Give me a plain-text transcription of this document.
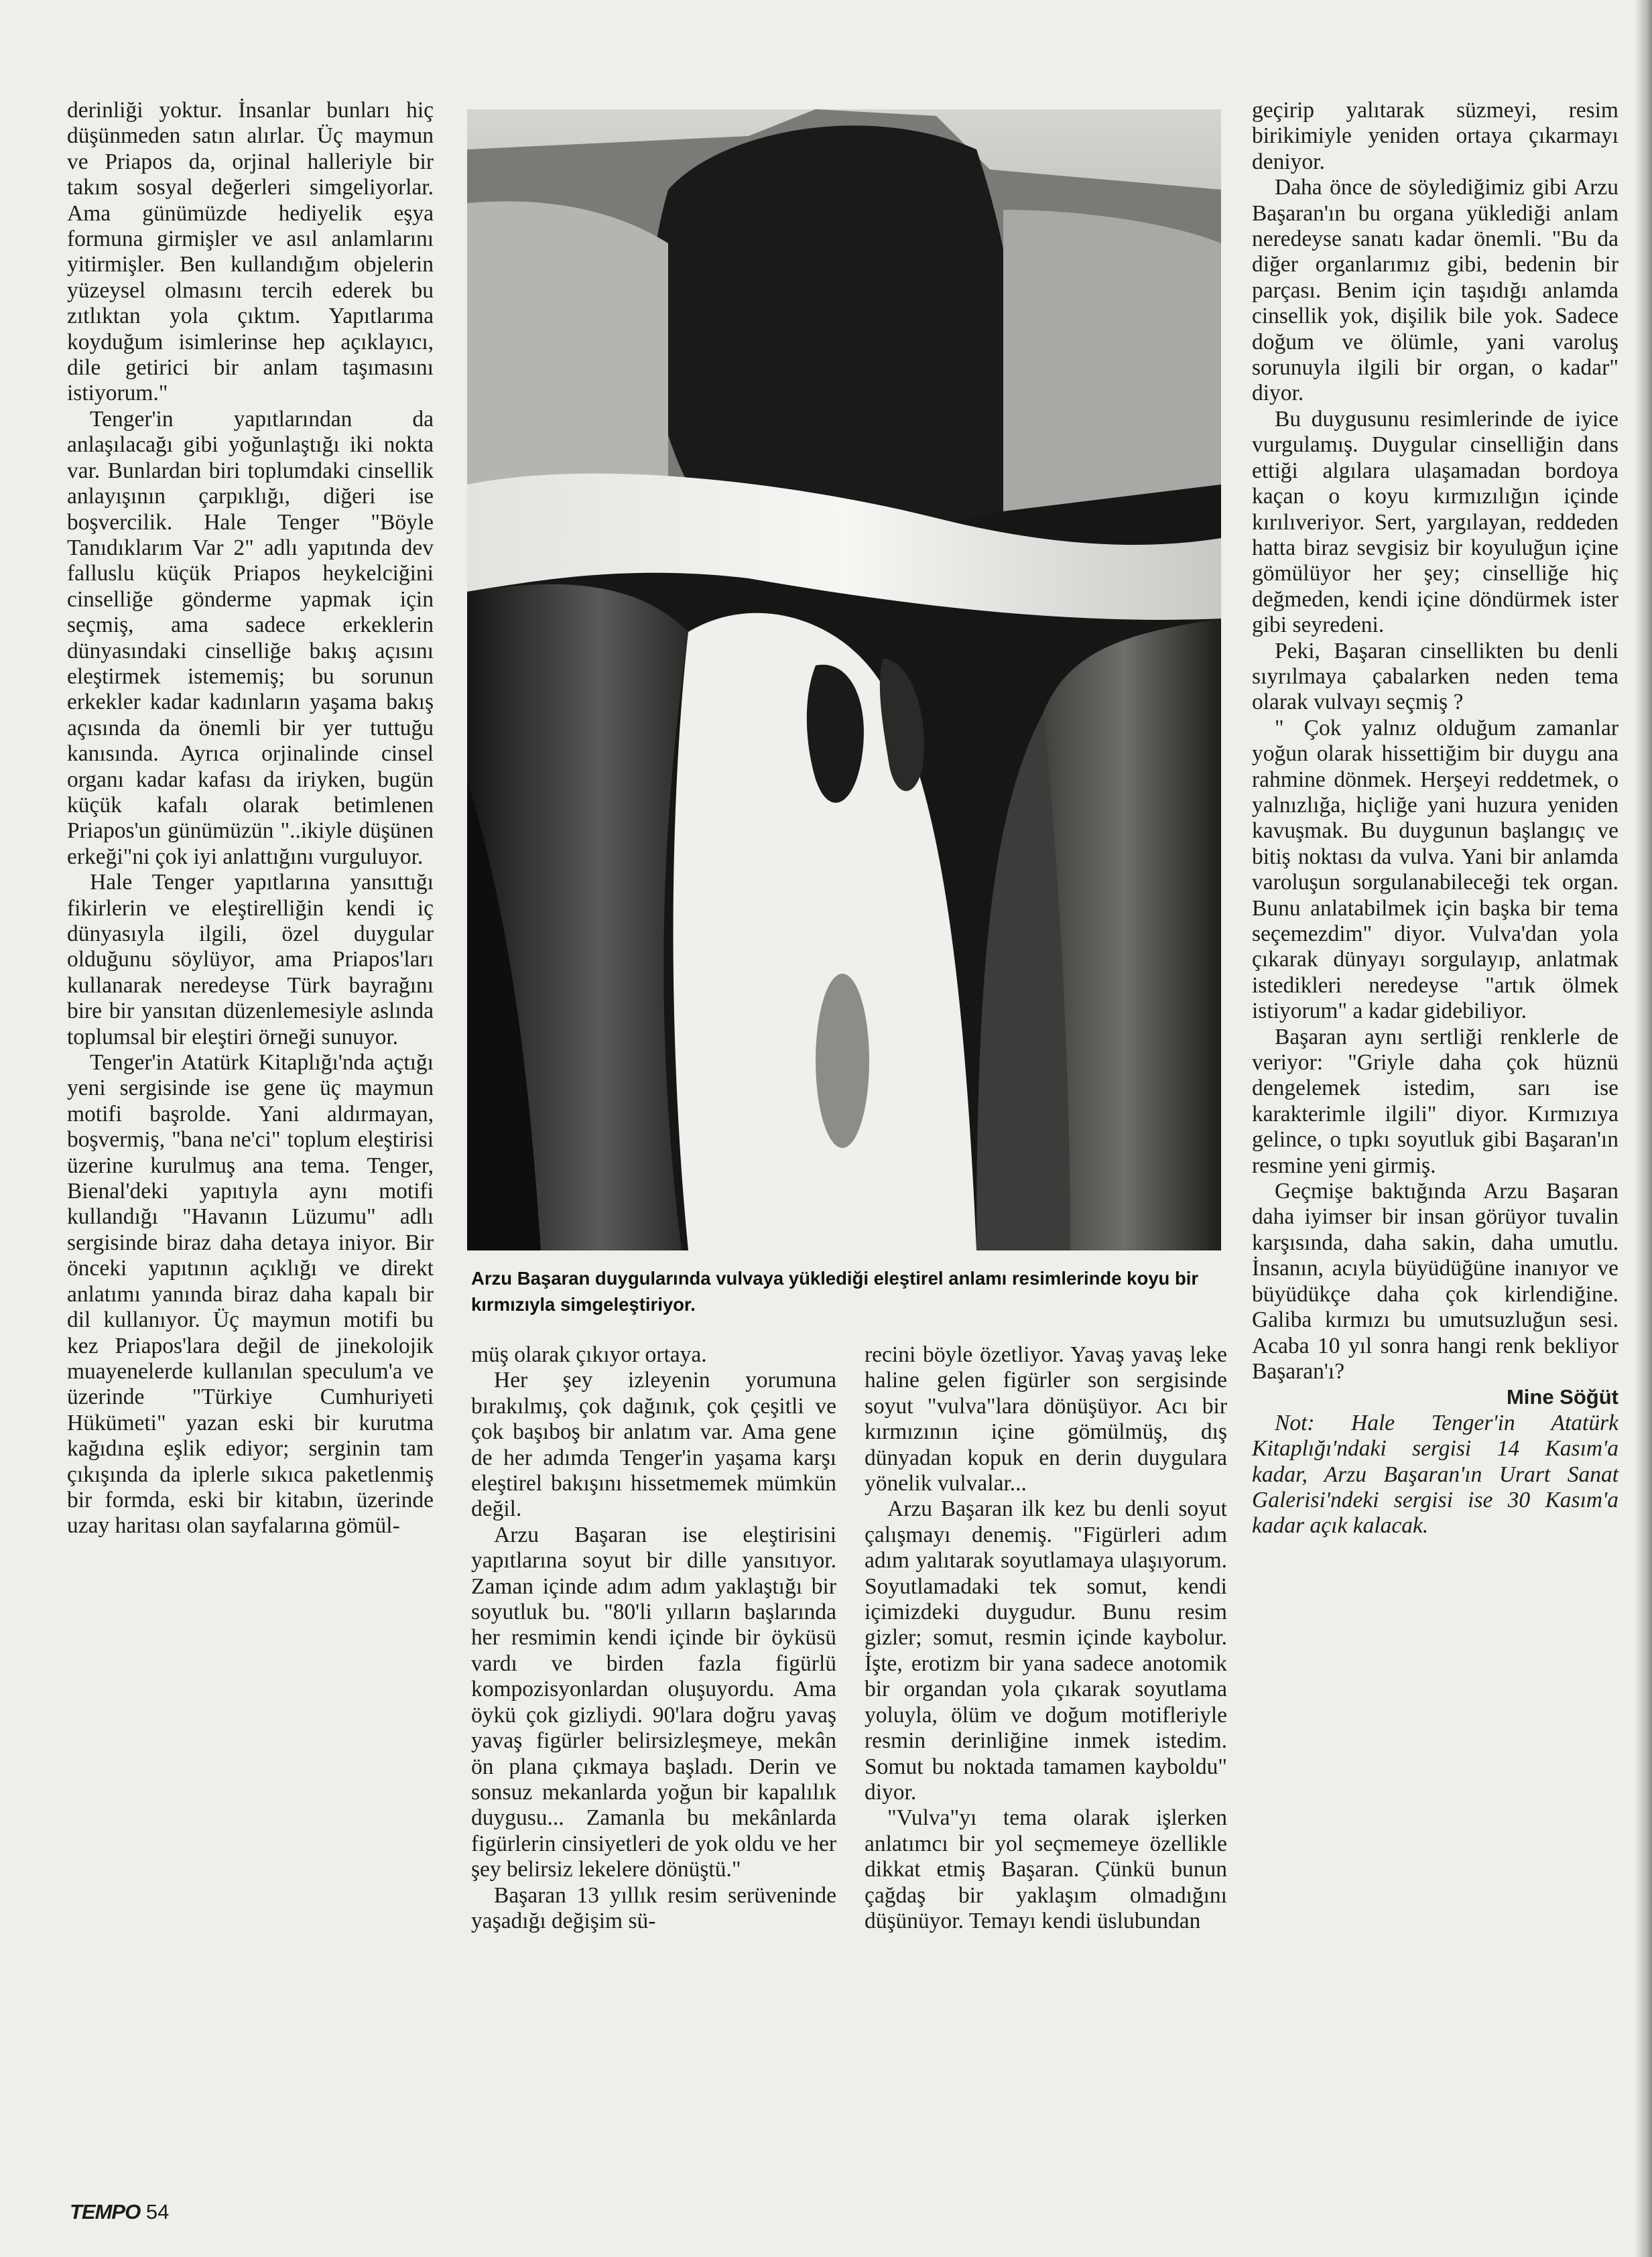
derinliği yoktur. İnsanlar bunları hiç düşünmeden satın alırlar. Üç maymun ve Priapos da, orjinal halleriyle bir takım sosyal değerleri simgeliyorlar. Ama günümüzde hediyelik eşya formuna girmişler ve asıl anlamlarını yitirmişler. Ben kullandığım objelerin yüzeysel olmasını tercih ederek bu zıtlıktan yola çıktım. Yapıtlarıma koyduğum isimlerinse hep açıklayıcı, dile getirici bir anlam taşımasını istiyorum."

Tenger'in yapıtlarından da anlaşılacağı gibi yoğunlaştığı iki nokta var. Bunlardan biri toplumdaki cinsellik anlayışının çarpıklığı, diğeri ise boşvercilik. Hale Tenger "Böyle Tanıdıklarım Var 2" adlı yapıtında dev falluslu küçük Priapos heykelciğini cinselliğe gönderme yapmak için seçmiş, ama sadece erkeklerin dünyasındaki cinselliğe bakış açısını eleştirmek istememiş; bu sorunun erkekler kadar kadınların yaşama bakış açısında da önemli bir yer tuttuğu kanısında. Ayrıca orjinalinde cinsel organı kadar kafası da iriyken, bugün küçük kafalı olarak betimlenen Priapos'un günümüzün "..ikiyle düşünen erkeği"ni çok iyi anlattığını vurguluyor.

Hale Tenger yapıtlarına yansıttığı fikirlerin ve eleştirelliğin kendi iç dünyasıyla ilgili, özel duygular olduğunu söylüyor, ama Priapos'ları kullanarak neredeyse Türk bayrağını bire bir yansıtan düzenlemesiyle aslında toplumsal bir eleştiri örneği sunuyor.

Tenger'in Atatürk Kitaplığı'nda açtığı yeni sergisinde ise gene üç maymun motifi başrolde. Yani aldırmayan, boşvermiş, "bana ne'ci" toplum eleştirisi üzerine kurulmuş ana tema. Tenger, Bienal'deki yapıtıyla aynı motifi kullandığı "Havanın Lüzumu" adlı sergisinde biraz daha detaya iniyor. Bir önceki yapıtının açıklığı ve direkt anlatımı yanında biraz daha kapalı bir dil kullanıyor. Üç maymun motifi bu kez Priapos'lara değil de jinekolojik muayenelerde kullanılan speculum'a ve üzerinde "Türkiye Cumhuriyeti Hükümeti" yazan eski bir kurutma kağıdına eşlik ediyor; serginin tam çıkışında da iplerle sıkıca paketlenmiş bir formda, eski bir kitabın, üzerinde uzay haritası olan sayfalarına gömül-

Arzu Başaran duygularında vulvaya yüklediği eleştirel anlamı resimlerinde koyu bir kırmızıyla simgeleştiriyor.

müş olarak çıkıyor ortaya.

Her şey izleyenin yorumuna bırakılmış, çok dağınık, çok çeşitli ve çok başıboş bir anlatım var. Ama gene de her adımda Tenger'in yaşama karşı eleştirel bakışını hissetmemek mümkün değil.

Arzu Başaran ise eleştirisini yapıtlarına soyut bir dille yansıtıyor. Zaman içinde adım adım yaklaştığı bir soyutluk bu. "80'li yılların başlarında her resmimin kendi içinde bir öyküsü vardı ve birden fazla figürlü kompozisyonlardan oluşuyordu. Ama öykü çok gizliydi. 90'lara doğru yavaş yavaş figürler belirsizleşmeye, mekân ön plana çıkmaya başladı. Derin ve sonsuz mekanlarda yoğun bir kapalılık duygusu... Zamanla bu mekânlarda figürlerin cinsiyetleri de yok oldu ve her şey belirsiz lekelere dönüştü."

Başaran 13 yıllık resim serüveninde yaşadığı değişim sü-

recini böyle özetliyor. Yavaş yavaş leke haline gelen figürler son sergisinde soyut "vulva"lara dönüşüyor. Acı bir kırmızının içine gömülmüş, dış dünyadan kopuk en derin duygulara yönelik vulvalar...

Arzu Başaran ilk kez bu denli soyut çalışmayı denemiş. "Figürleri adım adım yalıtarak soyutlamaya ulaşıyorum. Soyutlamadaki tek somut, kendi içimizdeki duygudur. Bunu resim gizler; somut, resmin içinde kaybolur. İşte, erotizm bir yana sadece anotomik bir organdan yola çıkarak soyutlama yoluyla, ölüm ve doğum motifleriyle resmin derinliğine inmek istedim. Somut bu noktada tamamen kayboldu" diyor.

"Vulva"yı tema olarak işlerken anlatımcı bir yol seçmemeye özellikle dikkat etmiş Başaran. Çünkü bunun çağdaş bir yaklaşım olmadığını düşünüyor. Temayı kendi üslubundan

geçirip yalıtarak süzmeyi, resim birikimiyle yeniden ortaya çıkarmayı deniyor.

Daha önce de söylediğimiz gibi Arzu Başaran'ın bu organa yüklediği anlam neredeyse sanatı kadar önemli. "Bu da diğer organlarımız gibi, bedenin bir parçası. Benim için taşıdığı anlamda cinsellik yok, dişilik bile yok. Sadece doğum ve ölümle, yani varoluş sorunuyla ilgili bir organ, o kadar" diyor.

Bu duygusunu resimlerinde de iyice vurgulamış. Duygular cinselliğin dans ettiği algılara ulaşamadan bordoya kaçan o koyu kırmızılığın içinde kırılıveriyor. Sert, yargılayan, reddeden hatta biraz sevgisiz bir koyuluğun içine gömülüyor her şey; cinselliğe hiç değmeden, kendi içine döndürmek ister gibi seyredeni.

Peki, Başaran cinsellikten bu denli sıyrılmaya çabalarken neden tema olarak vulvayı seçmiş ?

" Çok yalnız olduğum zamanlar yoğun olarak hissettiğim bir duygu ana rahmine dönmek. Herşeyi reddetmek, o yalnızlığa, hiçliğe yani huzura yeniden kavuşmak. Bu duygunun başlangıç ve bitiş noktası da vulva. Yani bir anlamda varoluşun sorgulanabileceği tek organ. Bunu anlatabilmek için başka bir tema seçemezdim" diyor. Vulva'dan yola çıkarak dünyayı sorgulayıp, anlatmak istedikleri neredeyse "artık ölmek istiyorum" a kadar gidebiliyor.

Başaran aynı sertliği renklerle de veriyor: "Griyle daha çok hüznü dengelemek istedim, sarı ise karakterimle ilgili" diyor. Kırmızıya gelince, o tıpkı soyutluk gibi Başaran'ın resmine yeni girmiş.

Geçmişe baktığında Arzu Başaran daha iyimser bir insan görüyor tuvalin karşısında, daha sakin, daha umutlu. İnsanın, acıyla büyüdüğüne inanıyor ve büyüdükçe daha çok kirlendiğine. Galiba kırmızı bu umutsuzluğun sesi. Acaba 10 yıl sonra hangi renk bekliyor Başaran'ı?

Mine Söğüt

Not: Hale Tenger'in Atatürk Kitaplığı'ndaki sergisi 14 Kasım'a kadar, Arzu Başaran'ın Urart Sanat Galerisi'ndeki sergisi ise 30 Kasım'a kadar açık kalacak.

TEMPO 54
